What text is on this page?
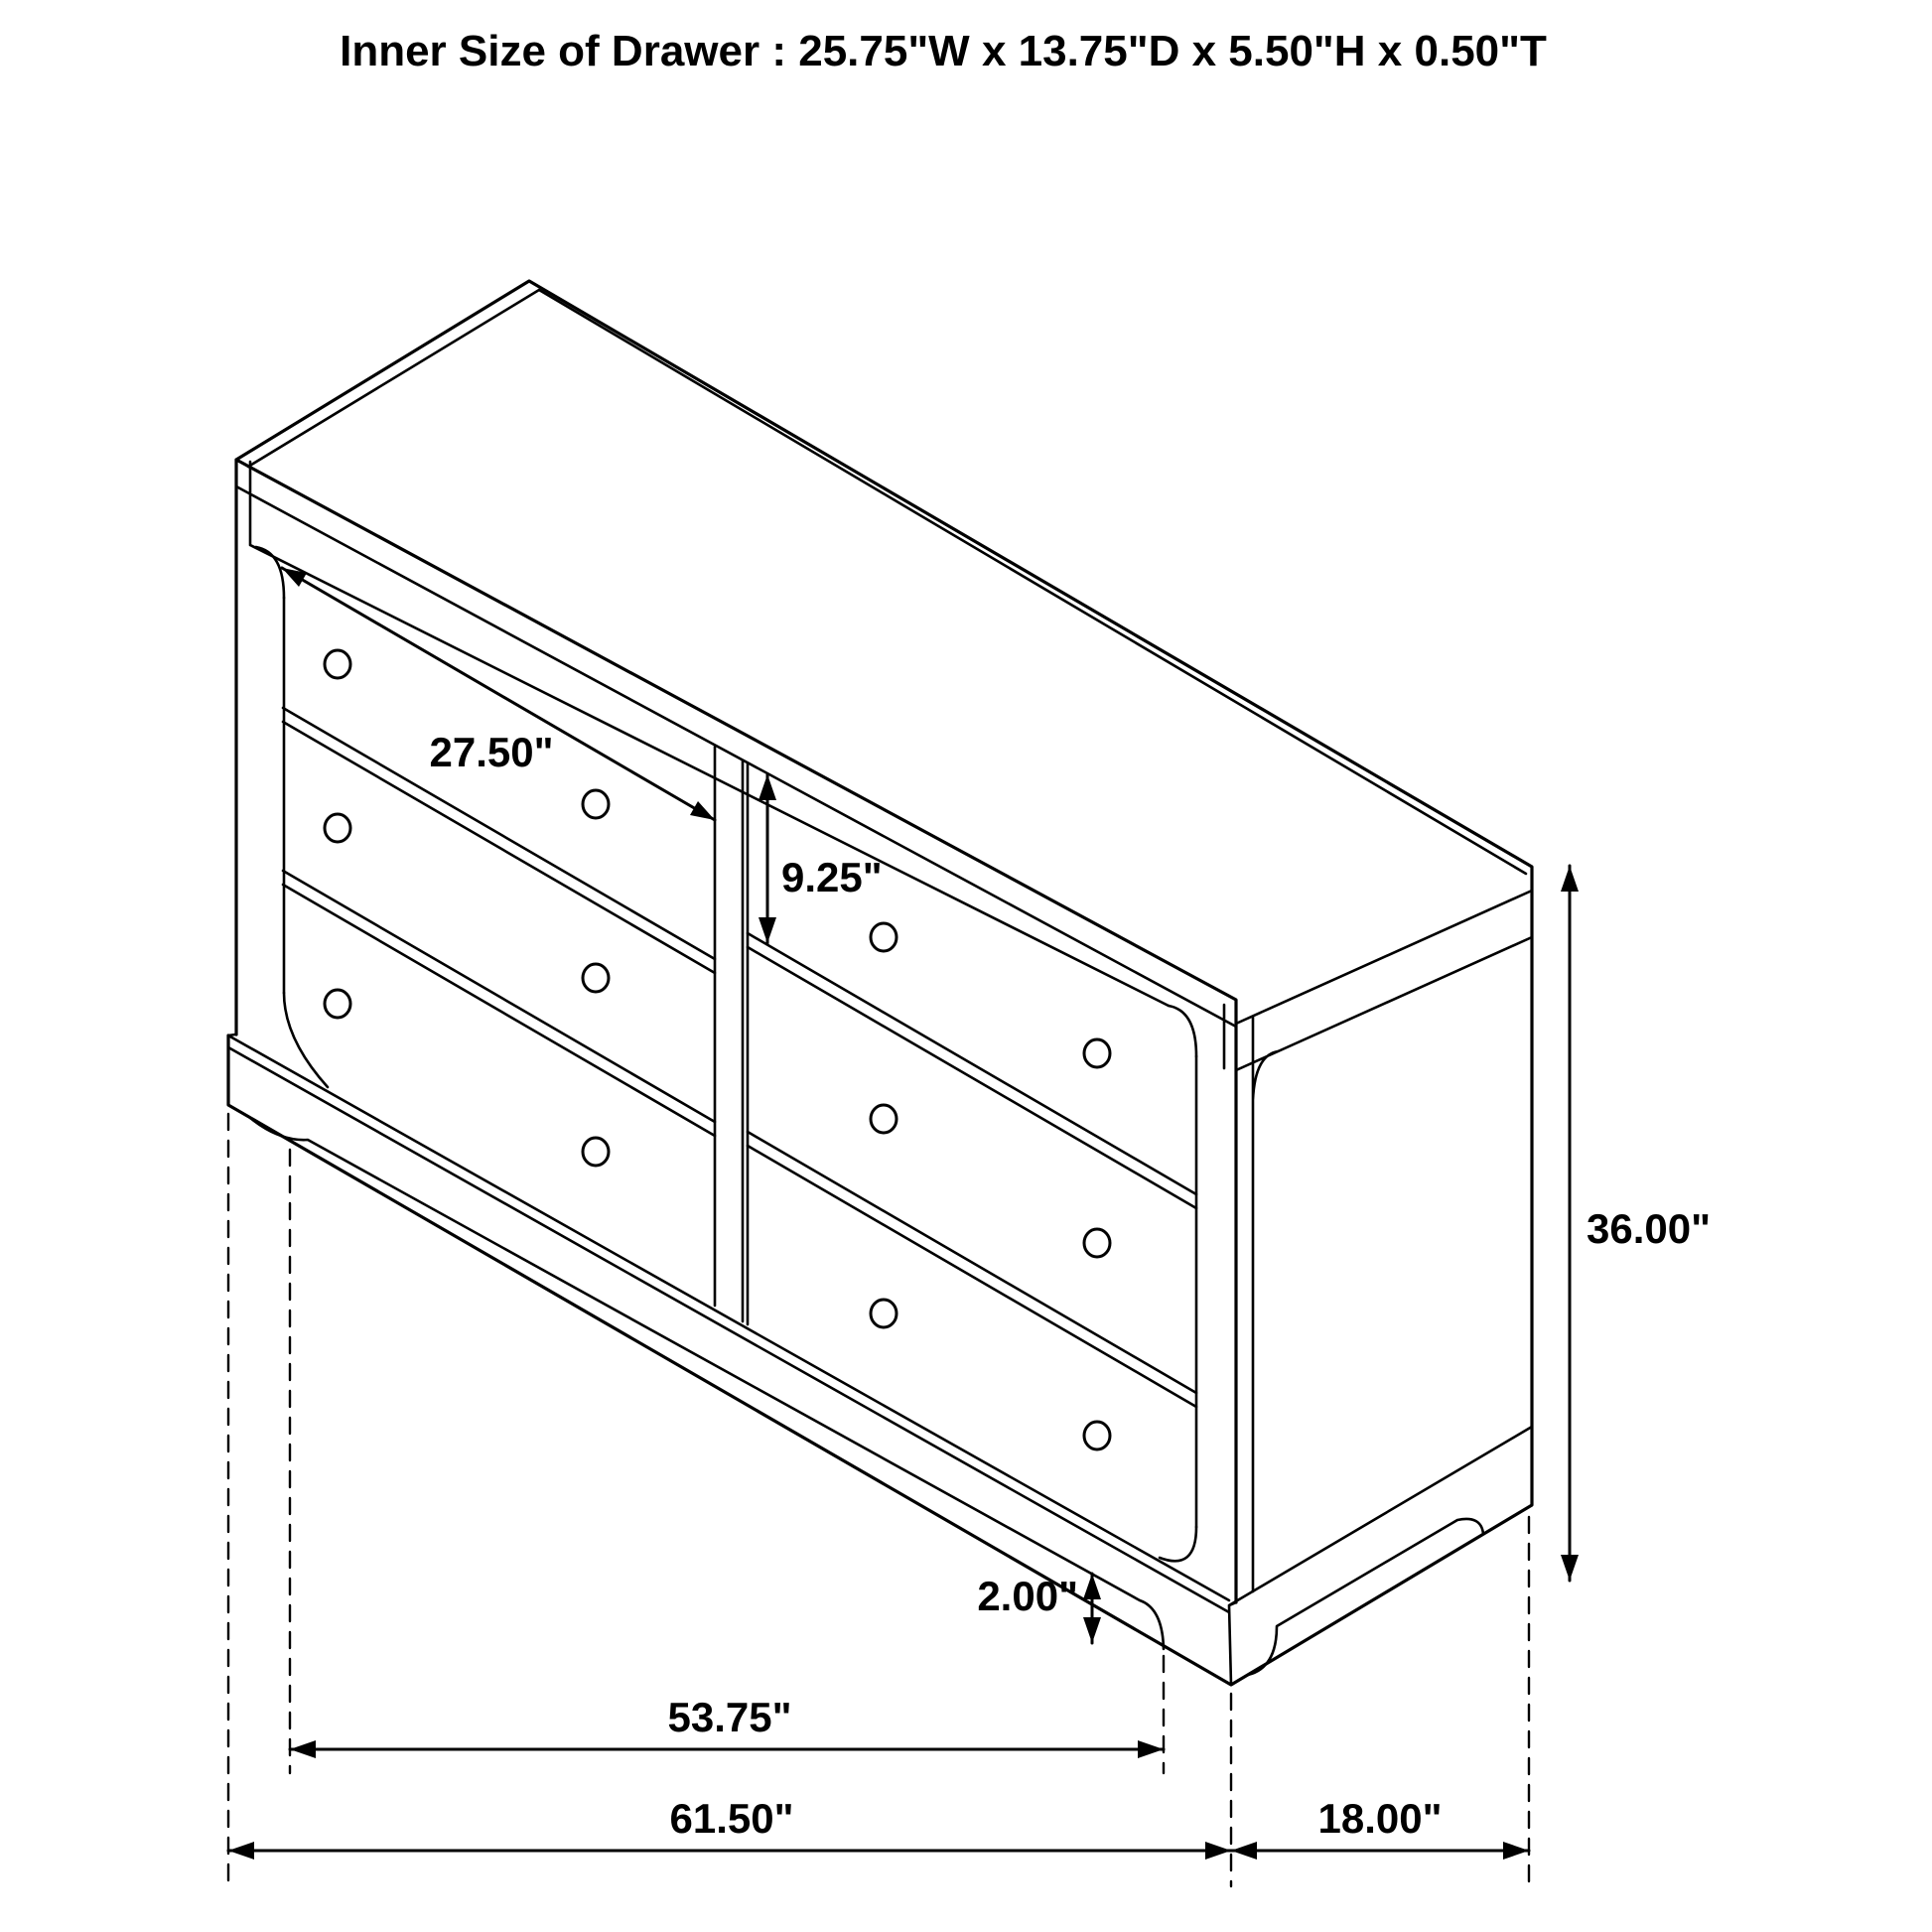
Inner Size of Drawer : 25.75"W x 13.75"D x 5.50"H x 0.50"T
27.50"
9.25"
36.00"
2.00"
53.75"
61.50"	18.00"
